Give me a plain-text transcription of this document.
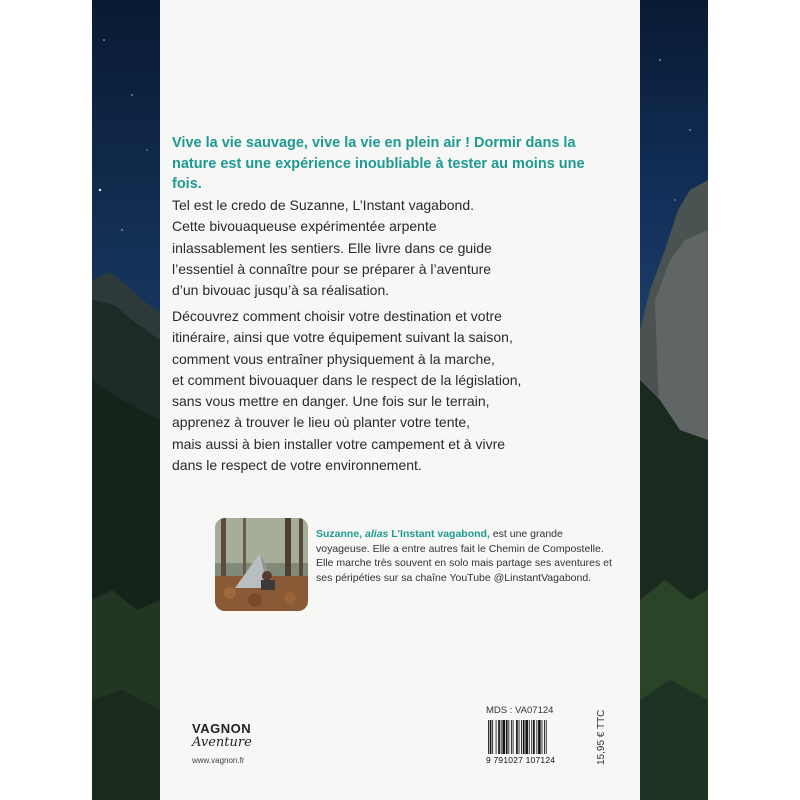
Vive la vie sauvage, vive la vie en plein air ! Dormir dans la nature est une expérience inoubliable à tester au moins une fois.

Tel est le credo de Suzanne, L’Instant vagabond.
Cette bivouaqueuse expérimentée arpente
inlassablement les sentiers. Elle livre dans ce guide
l’essentiel à connaître pour se préparer à l’aventure
d’un bivouac jusqu’à sa réalisation.
Découvrez comment choisir votre destination et votre
itinéraire, ainsi que votre équipement suivant la saison,
comment vous entraîner physiquement à la marche,
et comment bivouaquer dans le respect de la législation,
sans vous mettre en danger. Une fois sur le terrain,
apprenez à trouver le lieu où planter votre tente,
mais aussi à bien installer votre campement et à vivre
dans le respect de votre environnement.

Suzanne, alias L’Instant vagabond, est une grande voyageuse. Elle a entre autres fait le Chemin de Compostelle. Elle marche très souvent en solo mais partage ses aventures et ses péripéties sur sa chaîne YouTube @LinstantVagabond.

VAGNON
Aventure
www.vagnon.fr
MDS : VA07124
9 791027 107124	15,95 € TTC
